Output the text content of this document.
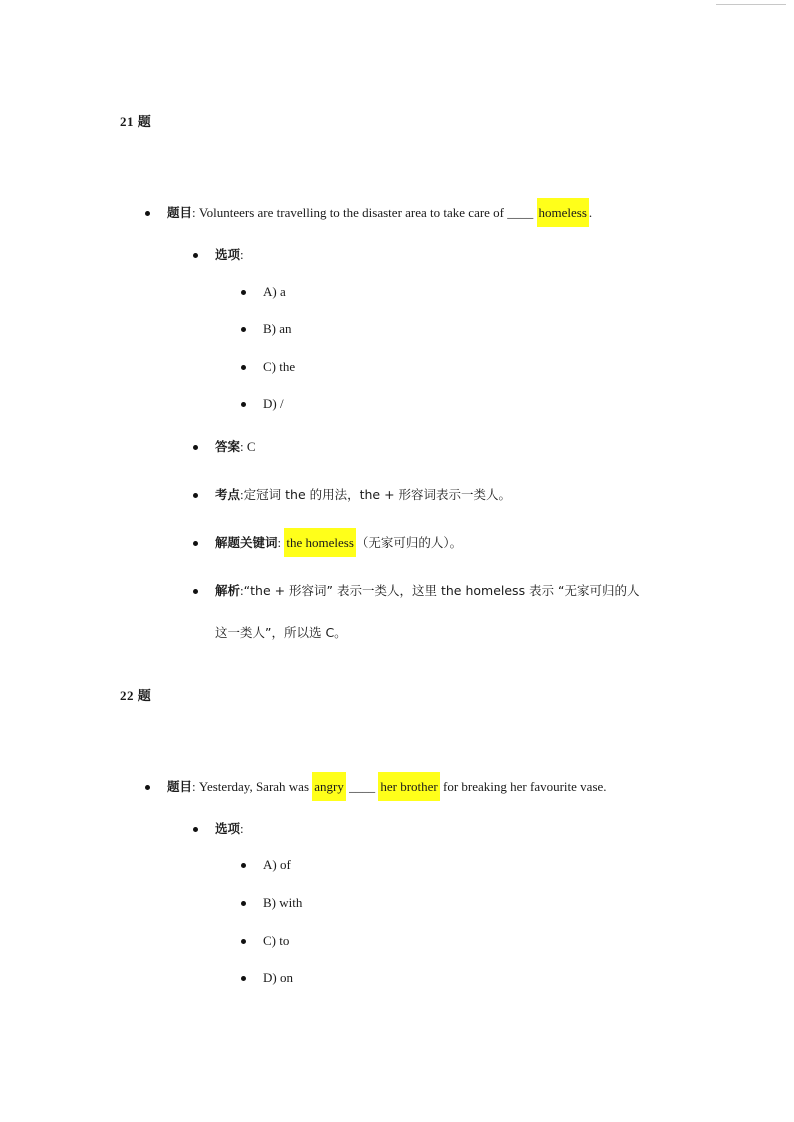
21 题
题目: Volunteers are travelling to the disaster area to take care of ____ homeless .
选项:
A) a
B) an
C) the
D) /
答案: C
考点:定冠词 the 的用法，the + 形容词表示一类人。
解题关键词: the homeless （无家可归的人）。
解析:“the + 形容词” 表示一类人，这里 the homeless 表示 “无家可归的人
这一类人”，所以选 C。
22 题
题目: Yesterday, Sarah was angry ____ her brother for breaking her favourite vase.
选项:
A) of
B) with
C) to
D) on
